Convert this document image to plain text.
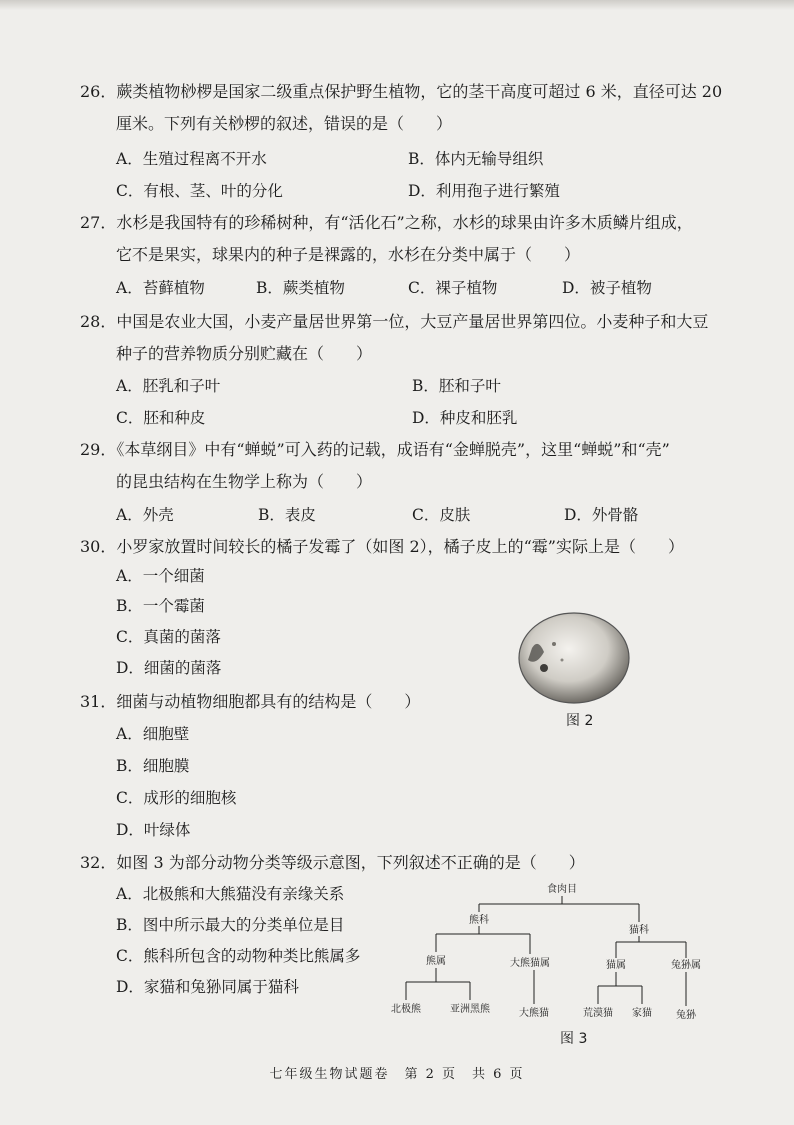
26．蕨类植物桫椤是国家二级重点保护野生植物，它的茎干高度可超过 6 米，直径可达 20
厘米。下列有关桫椤的叙述，错误的是（　　）
A．生殖过程离不开水	B．体内无输导组织
C．有根、茎、叶的分化	D．利用孢子进行繁殖
27．水杉是我国特有的珍稀树种，有“活化石”之称，水杉的球果由许多木质鳞片组成，
它不是果实，球果内的种子是裸露的，水杉在分类中属于（　　）
A．苔藓植物	B．蕨类植物	C．裸子植物	D．被子植物
28．中国是农业大国，小麦产量居世界第一位，大豆产量居世界第四位。小麦种子和大豆
种子的营养物质分别贮藏在（　　）
A．胚乳和子叶	B．胚和子叶
C．胚和种皮	D．种皮和胚乳
29．《本草纲目》中有“蝉蜕”可入药的记载，成语有“金蝉脱壳”，这里“蝉蜕”和“壳”
的昆虫结构在生物学上称为（　　）
A．外壳	B．表皮	C．皮肤	D．外骨骼
30．小罗家放置时间较长的橘子发霉了（如图 2），橘子皮上的“霉”实际上是（　　）
A．一个细菌
B．一个霉菌
C．真菌的菌落
D．细菌的菌落
图 2
31．细菌与动植物细胞都具有的结构是（　　）
A．细胞壁
B．细胞膜
C．成形的细胞核
D．叶绿体
32．如图 3 为部分动物分类等级示意图，下列叙述不正确的是（　　）
A．北极熊和大熊猫没有亲缘关系
B．图中所示最大的分类单位是目
C．熊科所包含的动物种类比熊属多
D．家猫和兔狲同属于猫科
食肉目
熊科
猫科
熊属	大熊猫属	猫属	兔狲属
北极熊	亚洲黑熊	大熊猫	荒漠猫 家猫 兔狲
图 3
七年级生物试题卷　第 2 页　共 6 页
